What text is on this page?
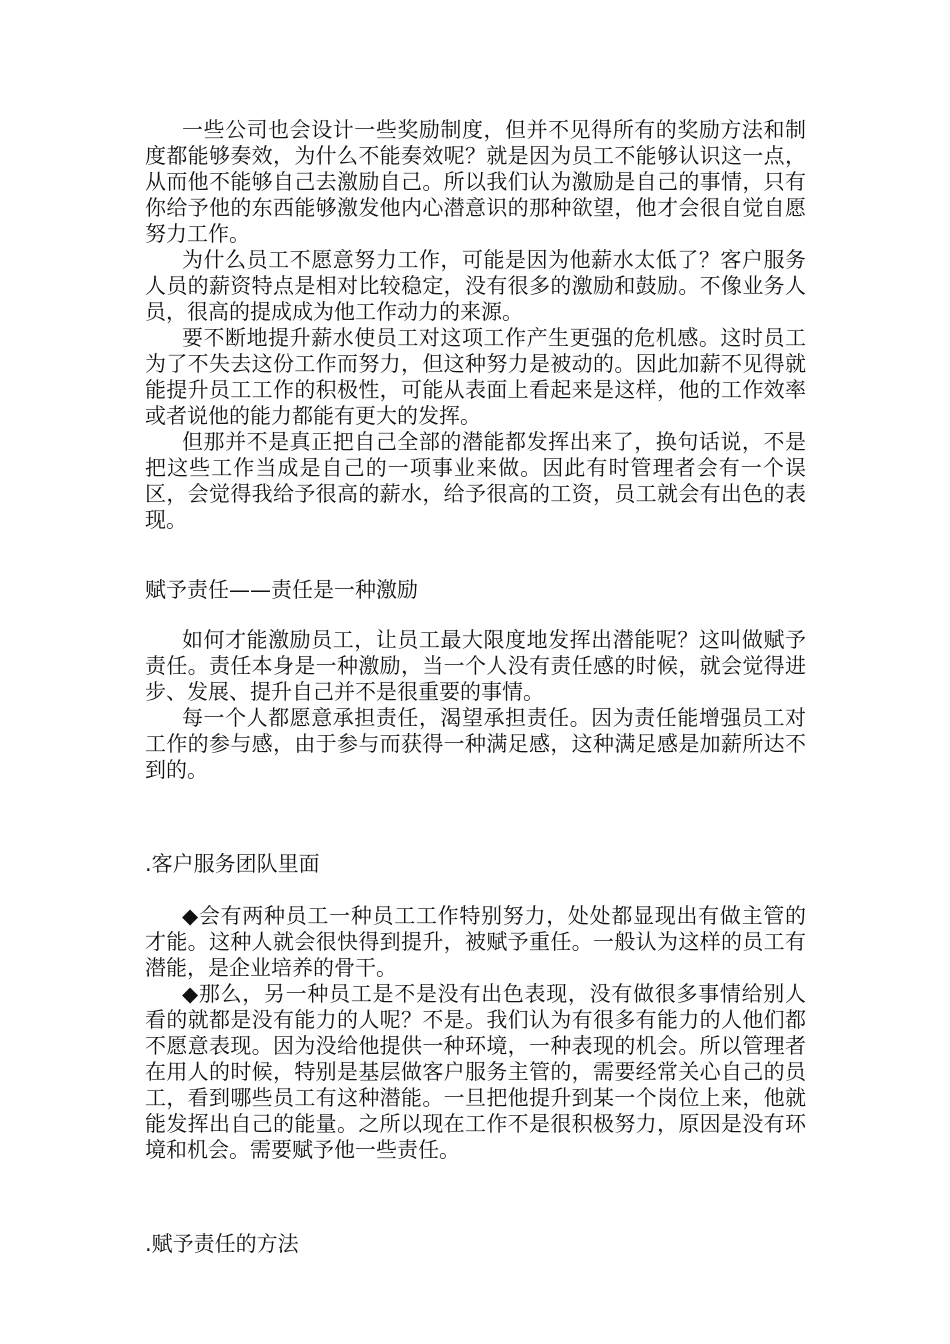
一些公司也会设计一些奖励制度，但并不见得所有的奖励方法和制度都能够奏效，为什么不能奏效呢？就是因为员工不能够认识这一点，从而他不能够自己去激励自己。所以我们认为激励是自己的事情，只有你给予他的东西能够激发他内心潜意识的那种欲望，他才会很自觉自愿努力工作。

为什么员工不愿意努力工作，可能是因为他薪水太低了？客户服务人员的薪资特点是相对比较稳定，没有很多的激励和鼓励。不像业务人员，很高的提成成为他工作动力的来源。

要不断地提升薪水使员工对这项工作产生更强的危机感。这时员工为了不失去这份工作而努力，但这种努力是被动的。因此加薪不见得就能提升员工工作的积极性，可能从表面上看起来是这样，他的工作效率或者说他的能力都能有更大的发挥。

但那并不是真正把自己全部的潜能都发挥出来了，换句话说，不是把这些工作当成是自己的一项事业来做。因此有时管理者会有一个误区，会觉得我给予很高的薪水，给予很高的工资，员工就会有出色的表现。

赋予责任——责任是一种激励

如何才能激励员工，让员工最大限度地发挥出潜能呢？这叫做赋予责任。责任本身是一种激励，当一个人没有责任感的时候，就会觉得进步、发展、提升自己并不是很重要的事情。

每一个人都愿意承担责任，渴望承担责任。因为责任能增强员工对工作的参与感，由于参与而获得一种满足感，这种满足感是加薪所达不到的。

.客户服务团队里面

◆会有两种员工一种员工工作特别努力，处处都显现出有做主管的才能。这种人就会很快得到提升，被赋予重任。一般认为这样的员工有潜能，是企业培养的骨干。

◆那么，另一种员工是不是没有出色表现，没有做很多事情给别人看的就都是没有能力的人呢？不是。我们认为有很多有能力的人他们都不愿意表现。因为没给他提供一种环境，一种表现的机会。所以管理者在用人的时候，特别是基层做客户服务主管的，需要经常关心自己的员工，看到哪些员工有这种潜能。一旦把他提升到某一个岗位上来，他就能发挥出自己的能量。之所以现在工作不是很积极努力，原因是没有环境和机会。需要赋予他一些责任。

.赋予责任的方法
